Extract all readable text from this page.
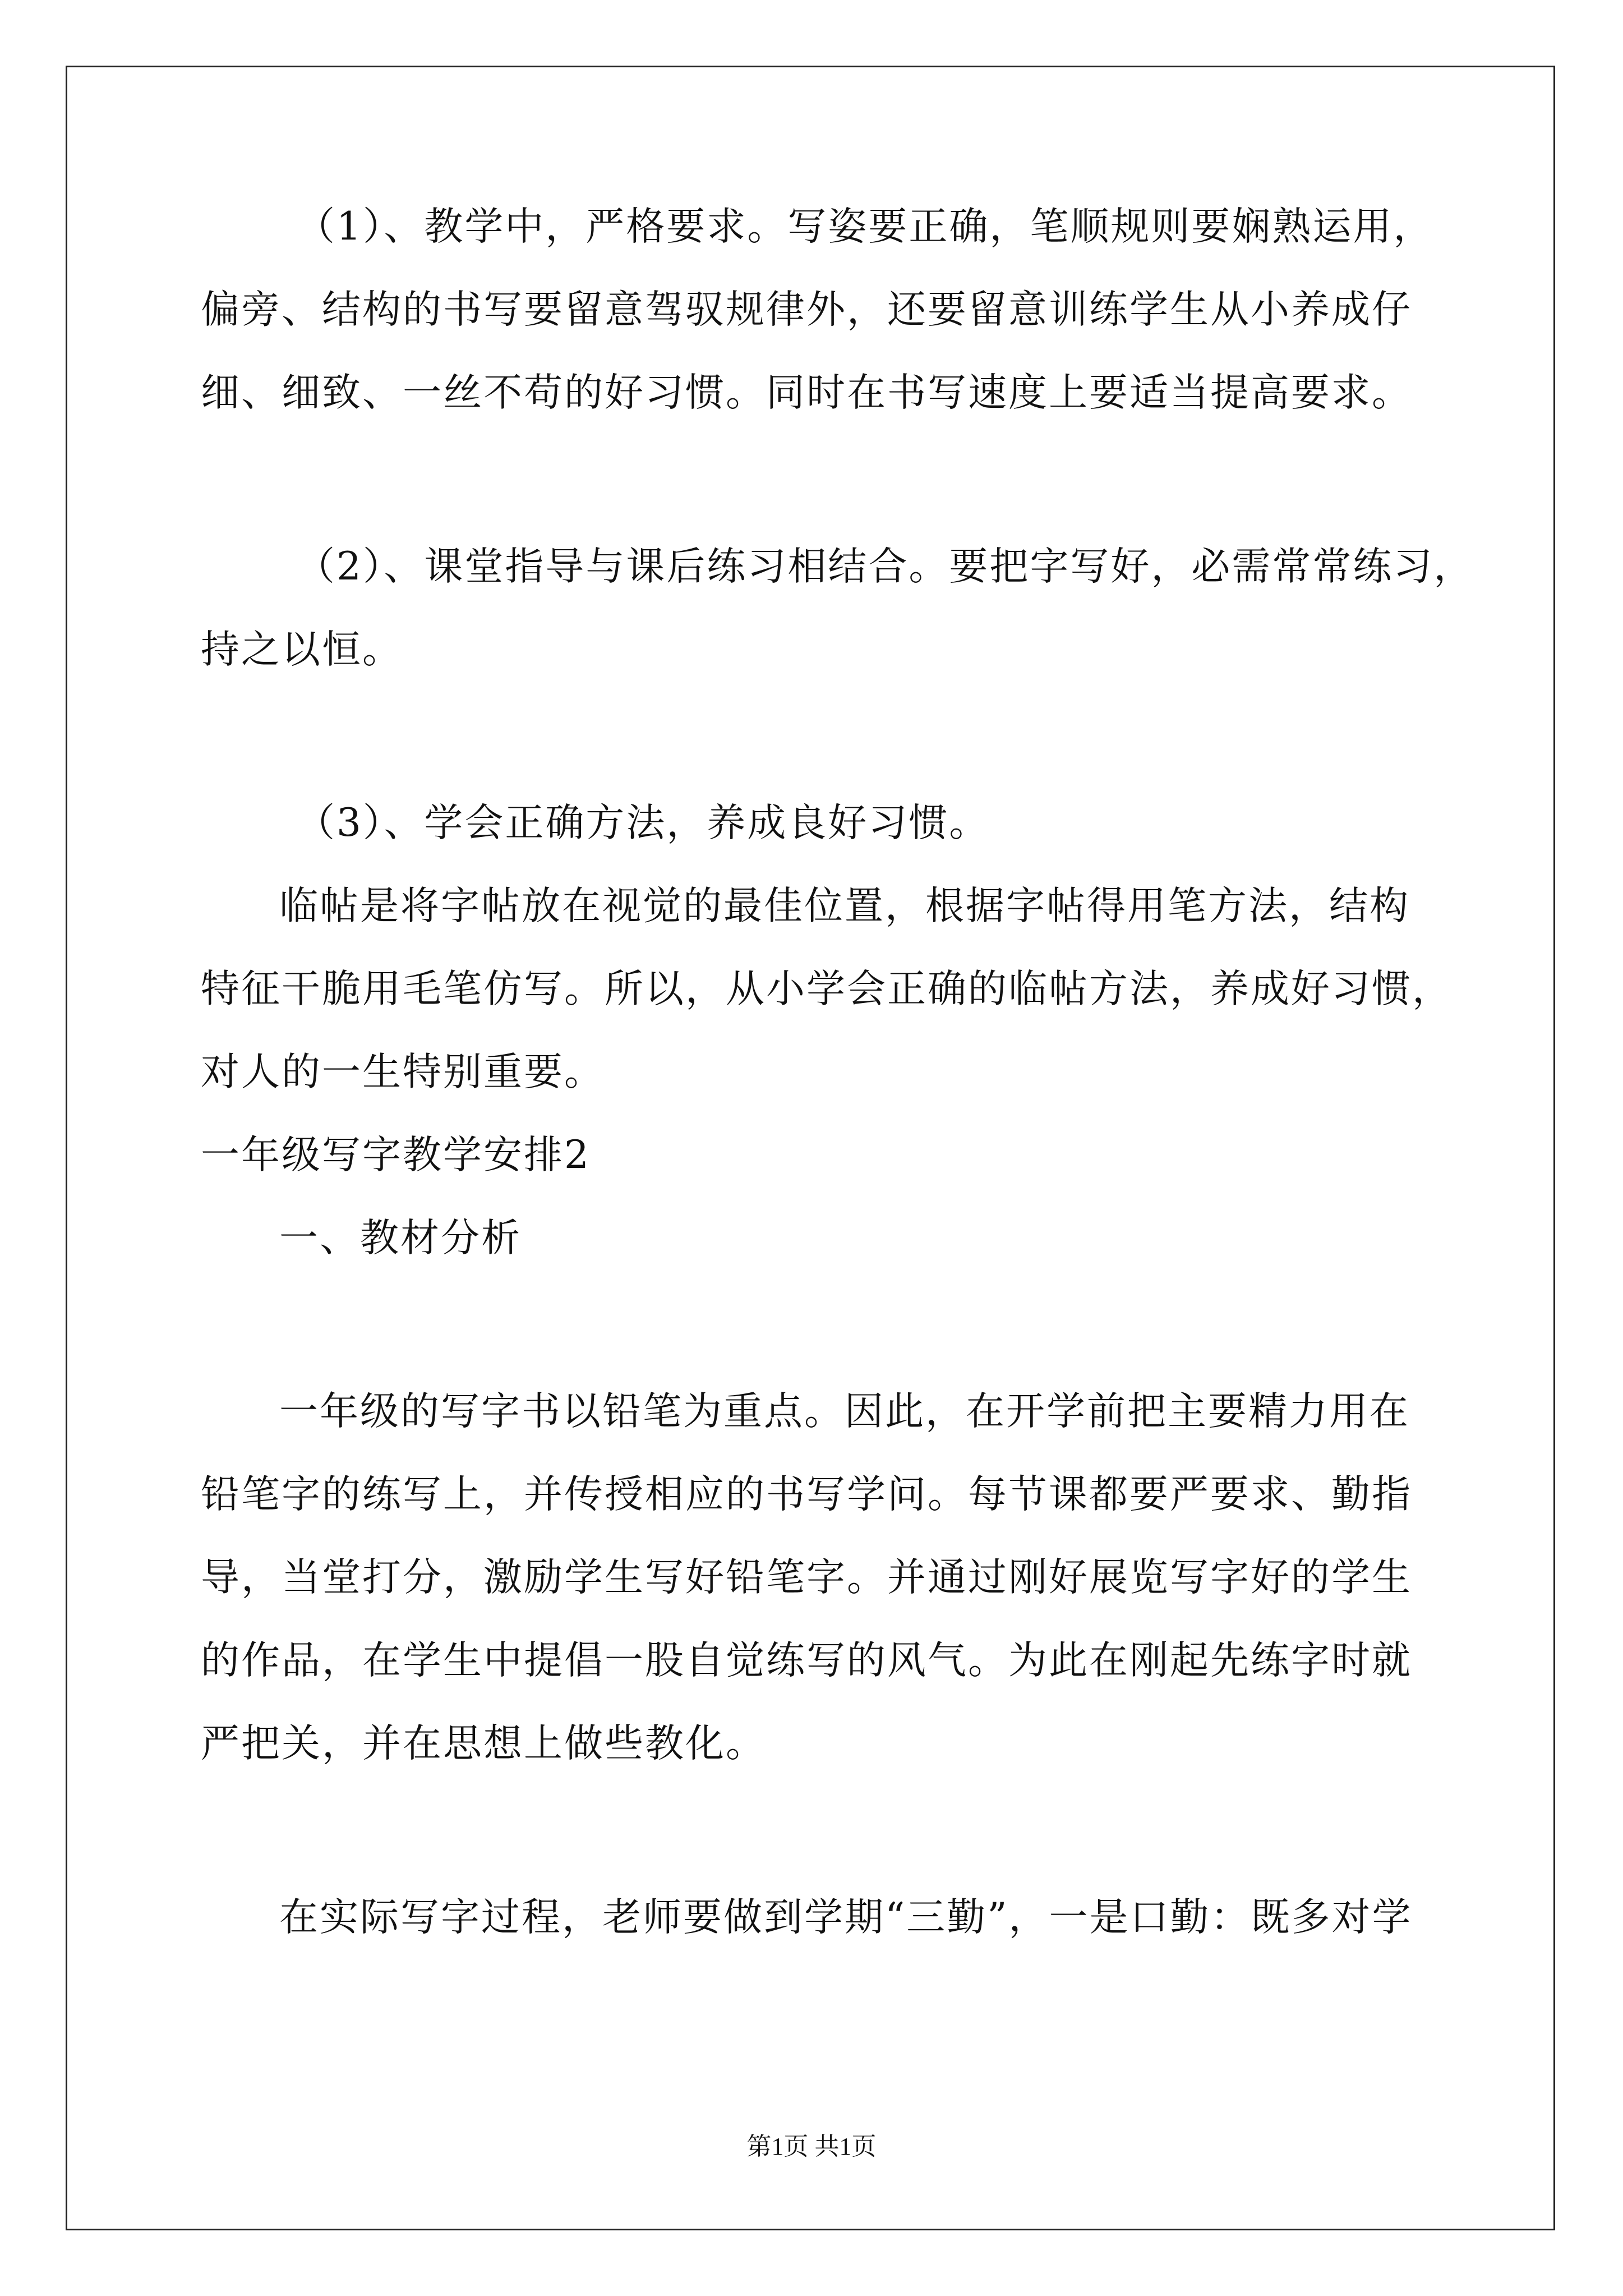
（1）、教学中，严格要求。写姿要正确，笔顺规则要娴熟运用，
偏旁、结构的书写要留意驾驭规律外，还要留意训练学生从小养成仔
细、细致、一丝不苟的好习惯。同时在书写速度上要适当提高要求。
（2）、课堂指导与课后练习相结合。要把字写好，必需常常练习，
持之以恒。
（3）、学会正确方法，养成良好习惯。
临帖是将字帖放在视觉的最佳位置，根据字帖得用笔方法，结构
特征干脆用毛笔仿写。所以，从小学会正确的临帖方法，养成好习惯，
对人的一生特别重要。
一年级写字教学安排2
一、教材分析
一年级的写字书以铅笔为重点。因此，在开学前把主要精力用在
铅笔字的练写上，并传授相应的书写学问。每节课都要严要求、勤指
导，当堂打分，激励学生写好铅笔字。并通过刚好展览写字好的学生
的作品，在学生中提倡一股自觉练写的风气。为此在刚起先练字时就
严把关，并在思想上做些教化。
在实际写字过程，老师要做到学期“三勤”，一是口勤：既多对学
第1页 共1页
